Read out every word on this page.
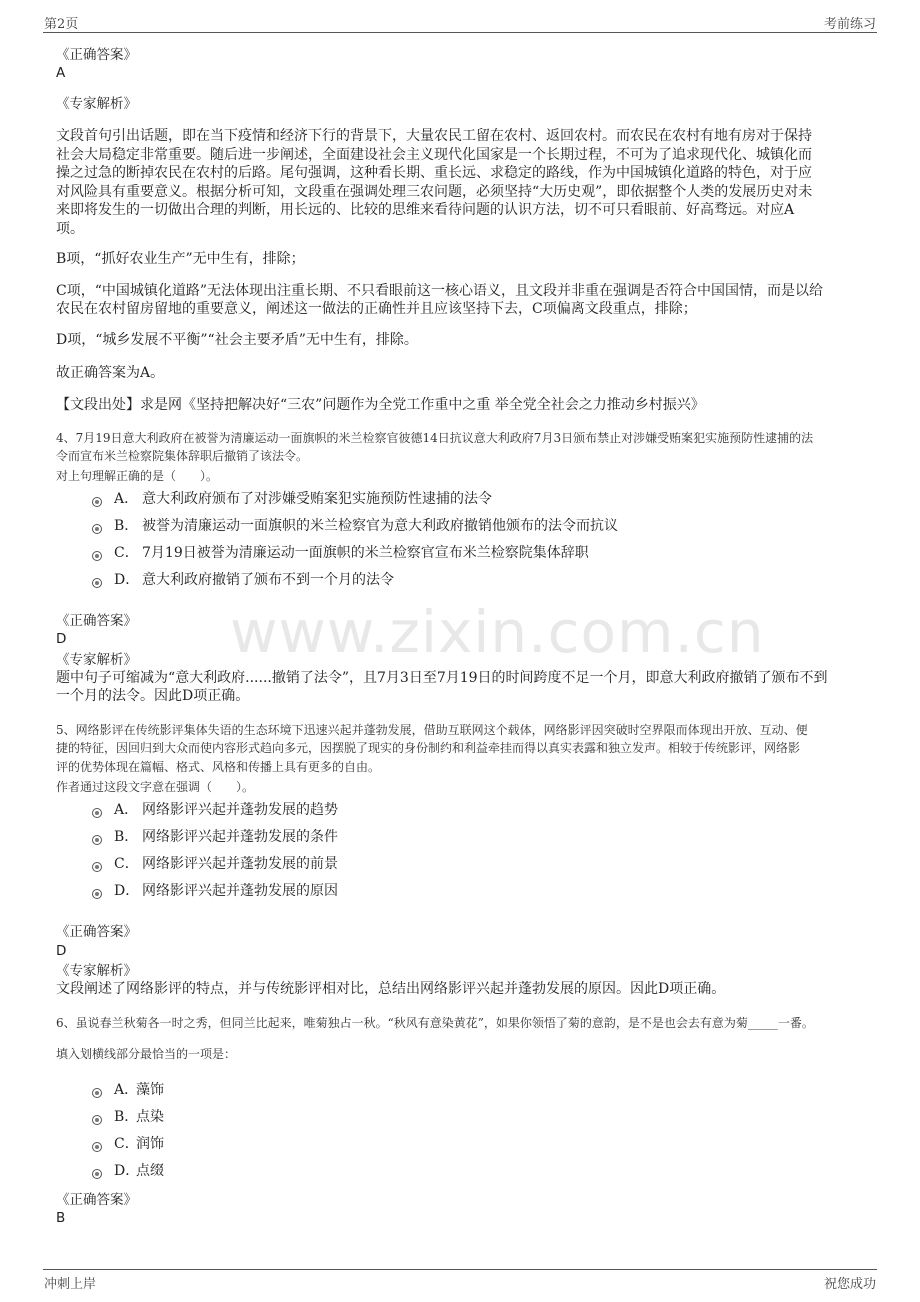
第2页	考前练习
www.zixin.com.cn
《正确答案》
A
《专家解析》
文段首句引出话题，即在当下疫情和经济下行的背景下，大量农民工留在农村、返回农村。而农民在农村有地有房对于保持
社会大局稳定非常重要。随后进一步阐述，全面建设社会主义现代化国家是一个长期过程，不可为了追求现代化、城镇化而
操之过急的断掉农民在农村的后路。尾句强调，这种看长期、重长远、求稳定的路线，作为中国城镇化道路的特色，对于应
对风险具有重要意义。根据分析可知，文段重在强调处理三农问题，必须坚持“大历史观”，即依据整个人类的发展历史对未
来即将发生的一切做出合理的判断，用长远的、比较的思维来看待问题的认识方法，切不可只看眼前、好高骛远。对应A
项。
B项，“抓好农业生产”无中生有，排除；
C项，“中国城镇化道路”无法体现出注重长期、不只看眼前这一核心语义，且文段并非重在强调是否符合中国国情，而是以给
农民在农村留房留地的重要意义，阐述这一做法的正确性并且应该坚持下去，C项偏离文段重点，排除；
D项，“城乡发展不平衡”“社会主要矛盾”无中生有，排除。
故正确答案为A。
【文段出处】求是网《坚持把解决好“三农”问题作为全党工作重中之重 举全党全社会之力推动乡村振兴》
4、7月19日意大利政府在被誉为清廉运动一面旗帜的米兰检察官彼德14日抗议意大利政府7月3日颁布禁止对涉嫌受贿案犯实施预防性逮捕的法
令而宣布米兰检察院集体辞职后撤销了该法令。
对上句理解正确的是（　　）。
A． 意大利政府颁布了对涉嫌受贿案犯实施预防性逮捕的法令
B． 被誉为清廉运动一面旗帜的米兰检察官为意大利政府撤销他颁布的法令而抗议
C． 7月19日被誉为清廉运动一面旗帜的米兰检察官宣布米兰检察院集体辞职
D． 意大利政府撤销了颁布不到一个月的法令
《正确答案》
D
《专家解析》
题中句子可缩减为“意大利政府......撤销了法令”，且7月3日至7月19日的时间跨度不足一个月，即意大利政府撤销了颁布不到
一个月的法令。因此D项正确。
5、网络影评在传统影评集体失语的生态环境下迅速兴起并蓬勃发展，借助互联网这个载体，网络影评因突破时空界限而体现出开放、互动、便
捷的特征，因回归到大众而使内容形式趋向多元，因摆脱了现实的身份制约和利益牵挂而得以真实表露和独立发声。相较于传统影评，网络影
评的优势体现在篇幅、格式、风格和传播上具有更多的自由。
作者通过这段文字意在强调（　　）。
A． 网络影评兴起并蓬勃发展的趋势
B． 网络影评兴起并蓬勃发展的条件
C． 网络影评兴起并蓬勃发展的前景
D． 网络影评兴起并蓬勃发展的原因
《正确答案》
D
《专家解析》
文段阐述了网络影评的特点，并与传统影评相对比，总结出网络影评兴起并蓬勃发展的原因。因此D项正确。
6、虽说春兰秋菊各一时之秀，但同兰比起来，唯菊独占一秋。“秋风有意染黄花”，如果你领悟了菊的意韵，是不是也会去有意为菊_____一番。
填入划横线部分最恰当的一项是：
A．
藻饰
B．
点染
C．
润饰
D．
点缀
《正确答案》
B
冲刺上岸	祝您成功
